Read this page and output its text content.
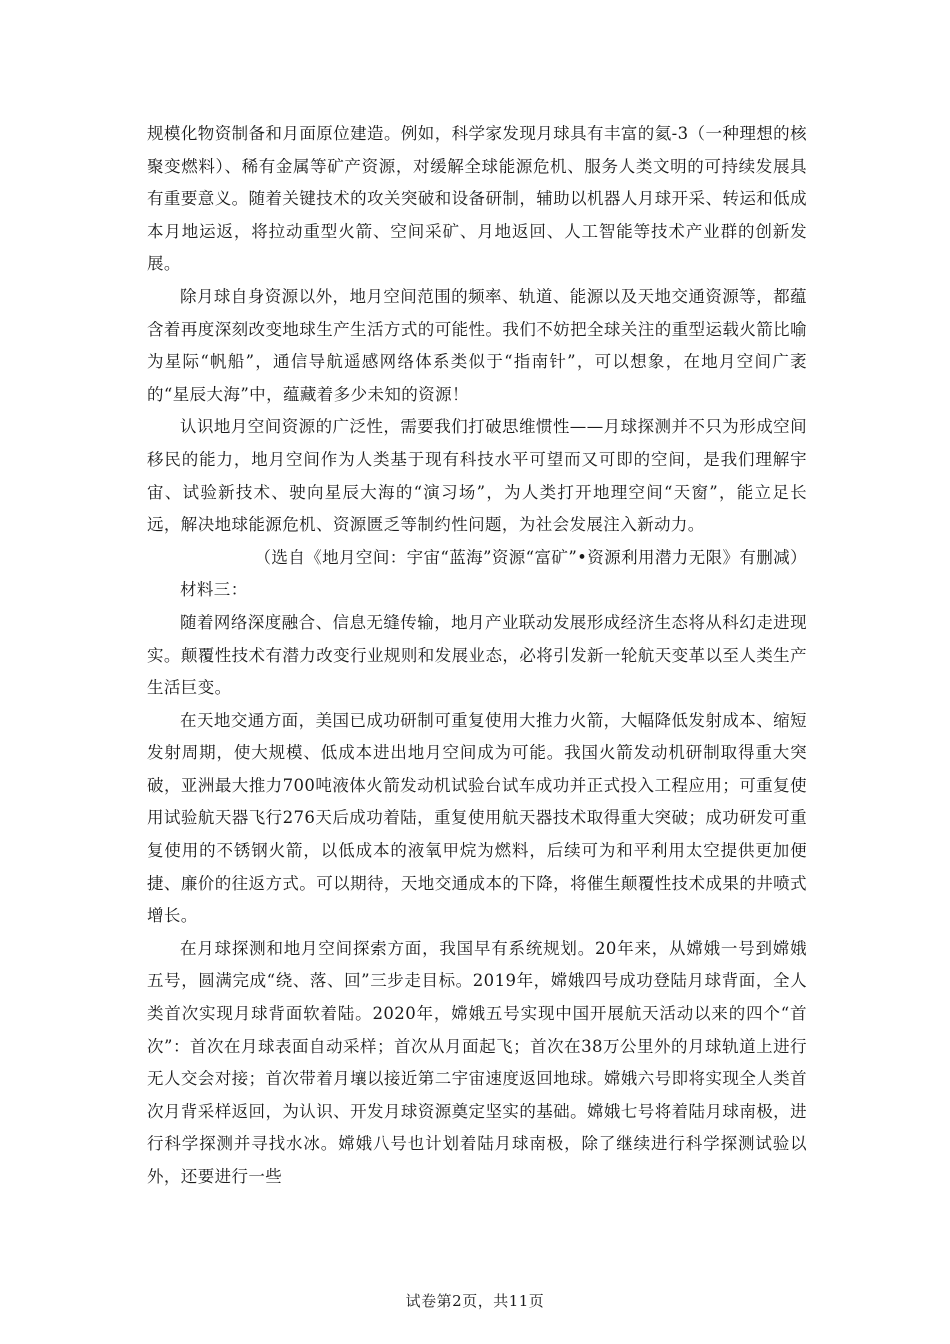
规模化物资制备和月面原位建造。例如，科学家发现月球具有丰富的氦-3（一种理想的核聚变燃料）、稀有金属等矿产资源，对缓解全球能源危机、服务人类文明的可持续发展具有重要意义。随着关键技术的攻关突破和设备研制，辅助以机器人月球开采、转运和低成本月地运返，将拉动重型火箭、空间采矿、月地返回、人工智能等技术产业群的创新发展。

除月球自身资源以外，地月空间范围的频率、轨道、能源以及天地交通资源等，都蕴含着再度深刻改变地球生产生活方式的可能性。我们不妨把全球关注的重型运载火箭比喻为星际“帆船”，通信导航遥感网络体系类似于“指南针”，可以想象，在地月空间广袤的“星辰大海”中，蕴藏着多少未知的资源！

认识地月空间资源的广泛性，需要我们打破思维惯性——月球探测并不只为形成空间移民的能力，地月空间作为人类基于现有科技水平可望而又可即的空间，是我们理解宇宙、试验新技术、驶向星辰大海的“演习场”，为人类打开地理空间“天窗”，能立足长远，解决地球能源危机、资源匮乏等制约性问题，为社会发展注入新动力。

（选自《地月空间：宇宙“蓝海”资源“富矿”•资源利用潜力无限》有删减）

材料三：

随着网络深度融合、信息无缝传输，地月产业联动发展形成经济生态将从科幻走进现实。颠覆性技术有潜力改变行业规则和发展业态，必将引发新一轮航天变革以至人类生产生活巨变。

在天地交通方面，美国已成功研制可重复使用大推力火箭，大幅降低发射成本、缩短发射周期，使大规模、低成本进出地月空间成为可能。我国火箭发动机研制取得重大突破，亚洲最大推力700吨液体火箭发动机试验台试车成功并正式投入工程应用；可重复使用试验航天器飞行276天后成功着陆，重复使用航天器技术取得重大突破；成功研发可重复使用的不锈钢火箭，以低成本的液氧甲烷为燃料，后续可为和平利用太空提供更加便捷、廉价的往返方式。可以期待，天地交通成本的下降，将催生颠覆性技术成果的井喷式增长。

在月球探测和地月空间探索方面，我国早有系统规划。20年来，从嫦娥一号到嫦娥五号，圆满完成“绕、落、回”三步走目标。2019年，嫦娥四号成功登陆月球背面，全人类首次实现月球背面软着陆。2020年，嫦娥五号实现中国开展航天活动以来的四个“首次”：首次在月球表面自动采样；首次从月面起飞；首次在38万公里外的月球轨道上进行无人交会对接；首次带着月壤以接近第二宇宙速度返回地球。嫦娥六号即将实现全人类首次月背采样返回，为认识、开发月球资源奠定坚实的基础。嫦娥七号将着陆月球南极，进行科学探测并寻找水冰。嫦娥八号也计划着陆月球南极，除了继续进行科学探测试验以外，还要进行一些

试卷第2页，共11页
